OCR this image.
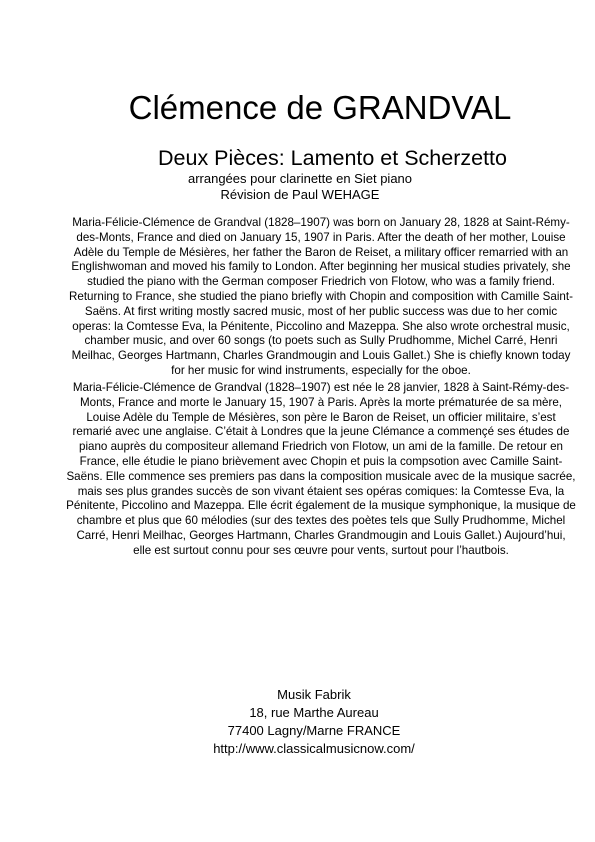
Clémence de GRANDVAL
Deux Pièces: Lamento et Scherzetto
arrangées pour clarinette en Siet piano
Révision de Paul WEHAGE
Maria-Félicie-Clémence de Grandval (1828–1907) was born on January 28, 1828 at Saint-Rémy-des-Monts, France and died on January 15, 1907 in Paris. After the death of her mother, Louise Adèle du Temple de Mésières, her father the Baron de Reiset, a military officer remarried with an Englishwoman and moved his family to London. After beginning her musical studies privately, she studied the piano with the German composer Friedrich von Flotow, who was a family friend. Returning to France, she studied the piano briefly with Chopin and composition with Camille Saint-Saëns. At first writing mostly sacred music, most of her public success was due to her comic operas: la Comtesse Eva, la Pénitente, Piccolino and Mazeppa. She also wrote orchestral music, chamber music, and over 60 songs (to poets such as Sully Prudhomme, Michel Carré, Henri Meilhac, Georges Hartmann, Charles Grandmougin and Louis Gallet.) She is chiefly known today for her music for wind instruments, especially for the oboe.
Maria-Félicie-Clémence de Grandval (1828–1907) est née le 28 janvier, 1828 à Saint-Rémy-des-Monts, France and morte le January 15, 1907 à Paris. Après la morte prématurée de sa mère, Louise Adèle du Temple de Mésières, son père le Baron de Reiset, un officier militaire, s’est remarié avec une anglaise. C’était à Londres que la jeune Clémance a commençé ses études de piano auprès du compositeur allemand Friedrich von Flotow, un ami de la famille. De retour en France, elle étudie le piano brièvement avec Chopin et puis la compsotion avec Camille Saint-Saëns. Elle commence ses premiers pas dans la composition musicale avec de la musique sacrée, mais ses plus grandes succès de son vivant étaient ses opéras comiques: la Comtesse Eva, la Pénitente, Piccolino and Mazeppa. Elle écrit également de la musique symphonique, la musique de chambre et plus que 60 mélodies (sur des textes des poètes tels que Sully Prudhomme, Michel Carré, Henri Meilhac, Georges Hartmann, Charles Grandmougin and Louis Gallet.) Aujourd’hui, elle est surtout connu pour ses œuvre pour vents, surtout pour l’hautbois.
Musik Fabrik
18, rue Marthe Aureau
77400 Lagny/Marne FRANCE
http://www.classicalmusicnow.com/
